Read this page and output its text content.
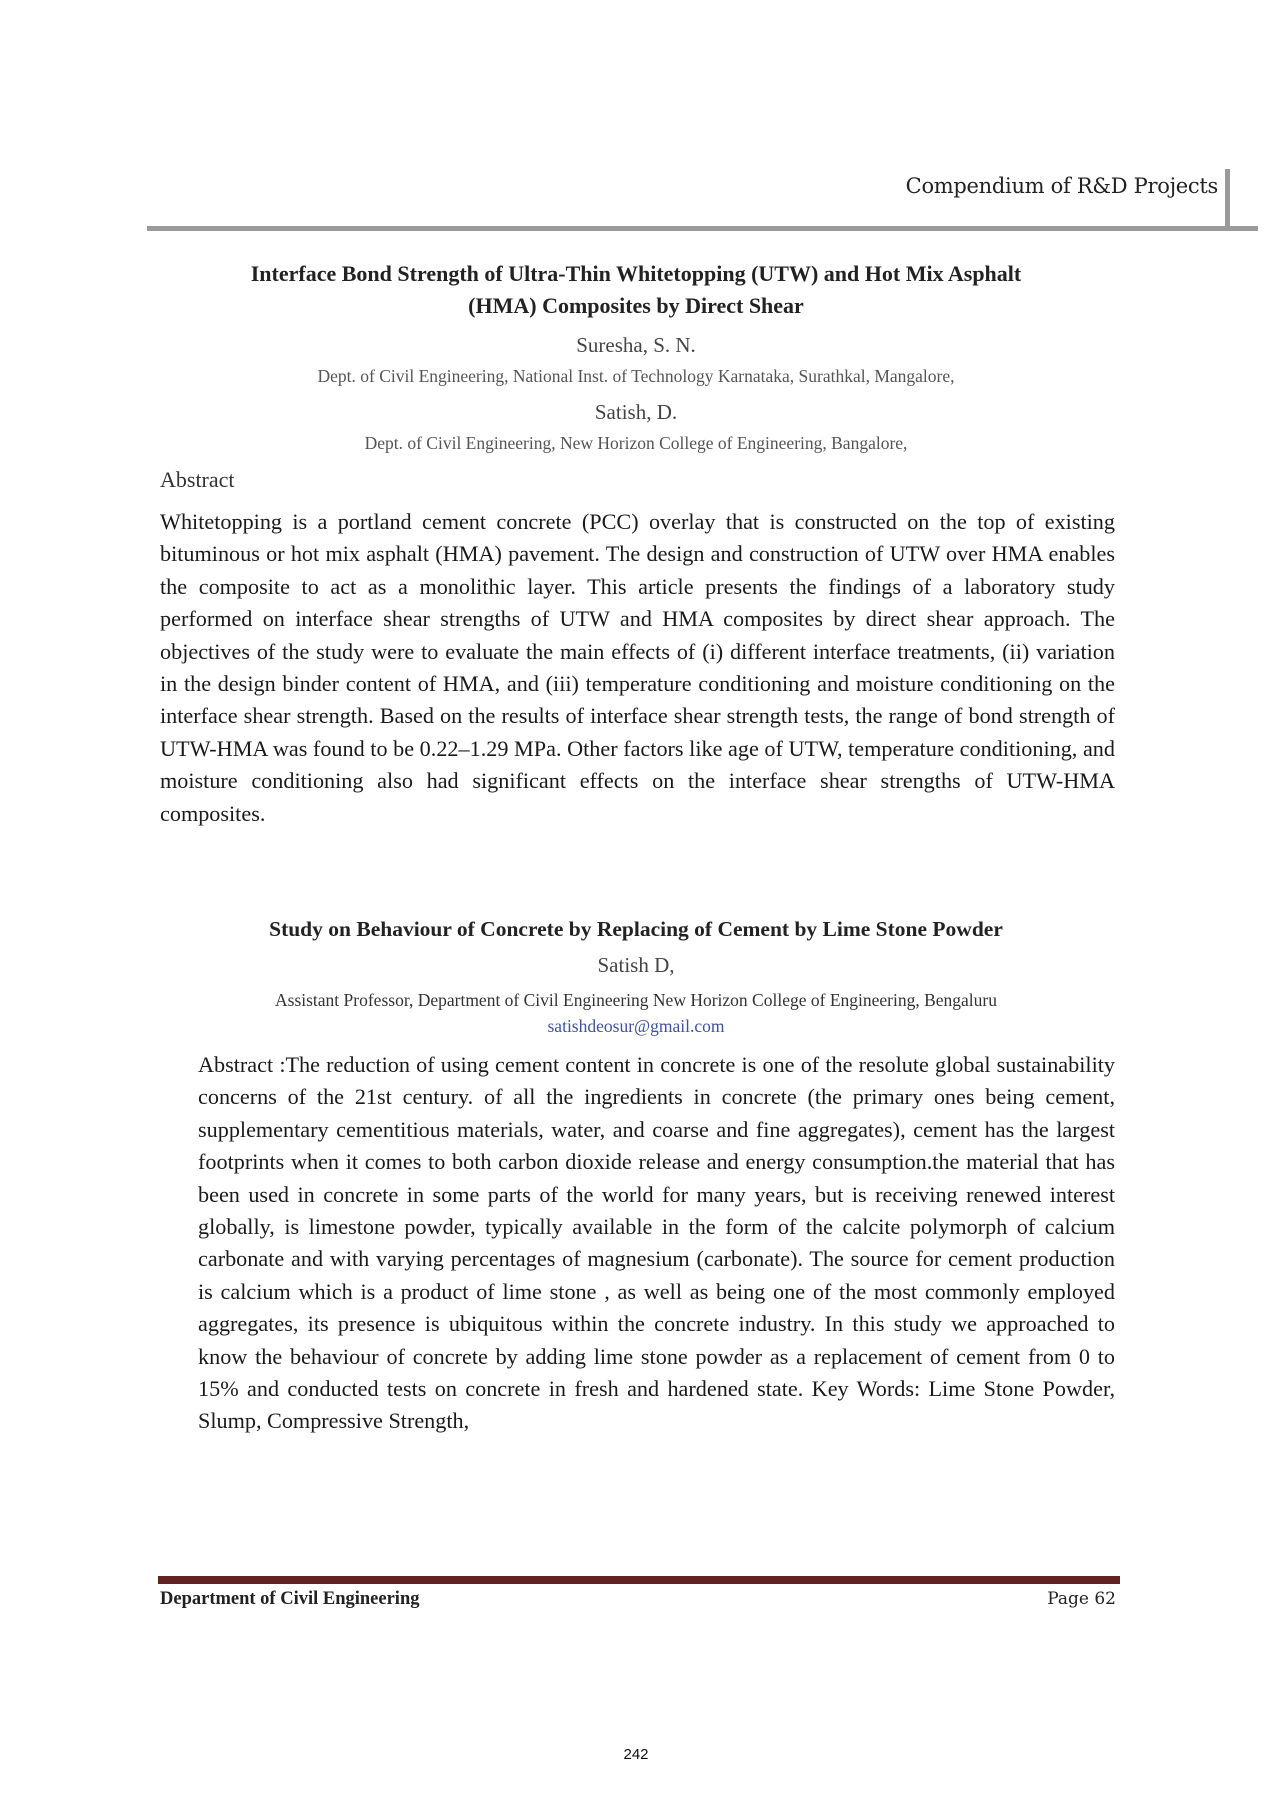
Compendium of R&D Projects
Interface Bond Strength of Ultra-Thin Whitetopping (UTW) and Hot Mix Asphalt
(HMA) Composites by Direct Shear
Suresha, S. N.
Dept. of Civil Engineering, National Inst. of Technology Karnataka, Surathkal, Mangalore,
Satish, D.
Dept. of Civil Engineering, New Horizon College of Engineering, Bangalore,
Abstract
Whitetopping is a portland cement concrete (PCC) overlay that is constructed on the top of existing bituminous or hot mix asphalt (HMA) pavement. The design and construction of UTW over HMA enables the composite to act as a monolithic layer. This article presents the findings of a laboratory study performed on interface shear strengths of UTW and HMA composites by direct shear approach. The objectives of the study were to evaluate the main effects of (i) different interface treatments, (ii) variation in the design binder content of HMA, and (iii) temperature conditioning and moisture conditioning on the interface shear strength. Based on the results of interface shear strength tests, the range of bond strength of UTW-HMA was found to be 0.22–1.29 MPa. Other factors like age of UTW, temperature conditioning, and moisture conditioning also had significant effects on the interface shear strengths of UTW-HMA composites.
Study on Behaviour of Concrete by Replacing of Cement by Lime Stone Powder
Satish D,
Assistant Professor, Department of Civil Engineering New Horizon College of Engineering, Bengaluru
satishdeosur@gmail.com
Abstract :The reduction of using cement content in concrete is one of the resolute global sustainability concerns of the 21st century. of all the ingredients in concrete (the primary ones being cement, supplementary cementitious materials, water, and coarse and fine aggregates), cement has the largest footprints when it comes to both carbon dioxide release and energy consumption.the material that has been used in concrete in some parts of the world for many years, but is receiving renewed interest globally, is limestone powder, typically available in the form of the calcite polymorph of calcium carbonate and with varying percentages of magnesium (carbonate). The source for cement production is calcium which is a product of lime stone , as well as being one of the most commonly employed aggregates, its presence is ubiquitous within the concrete industry. In this study we approached to know the behaviour of concrete by adding lime stone powder as a replacement of cement from 0 to 15% and conducted tests on concrete in fresh and hardened state. Key Words: Lime Stone Powder, Slump, Compressive Strength,
Department of Civil Engineering	Page 62
242
